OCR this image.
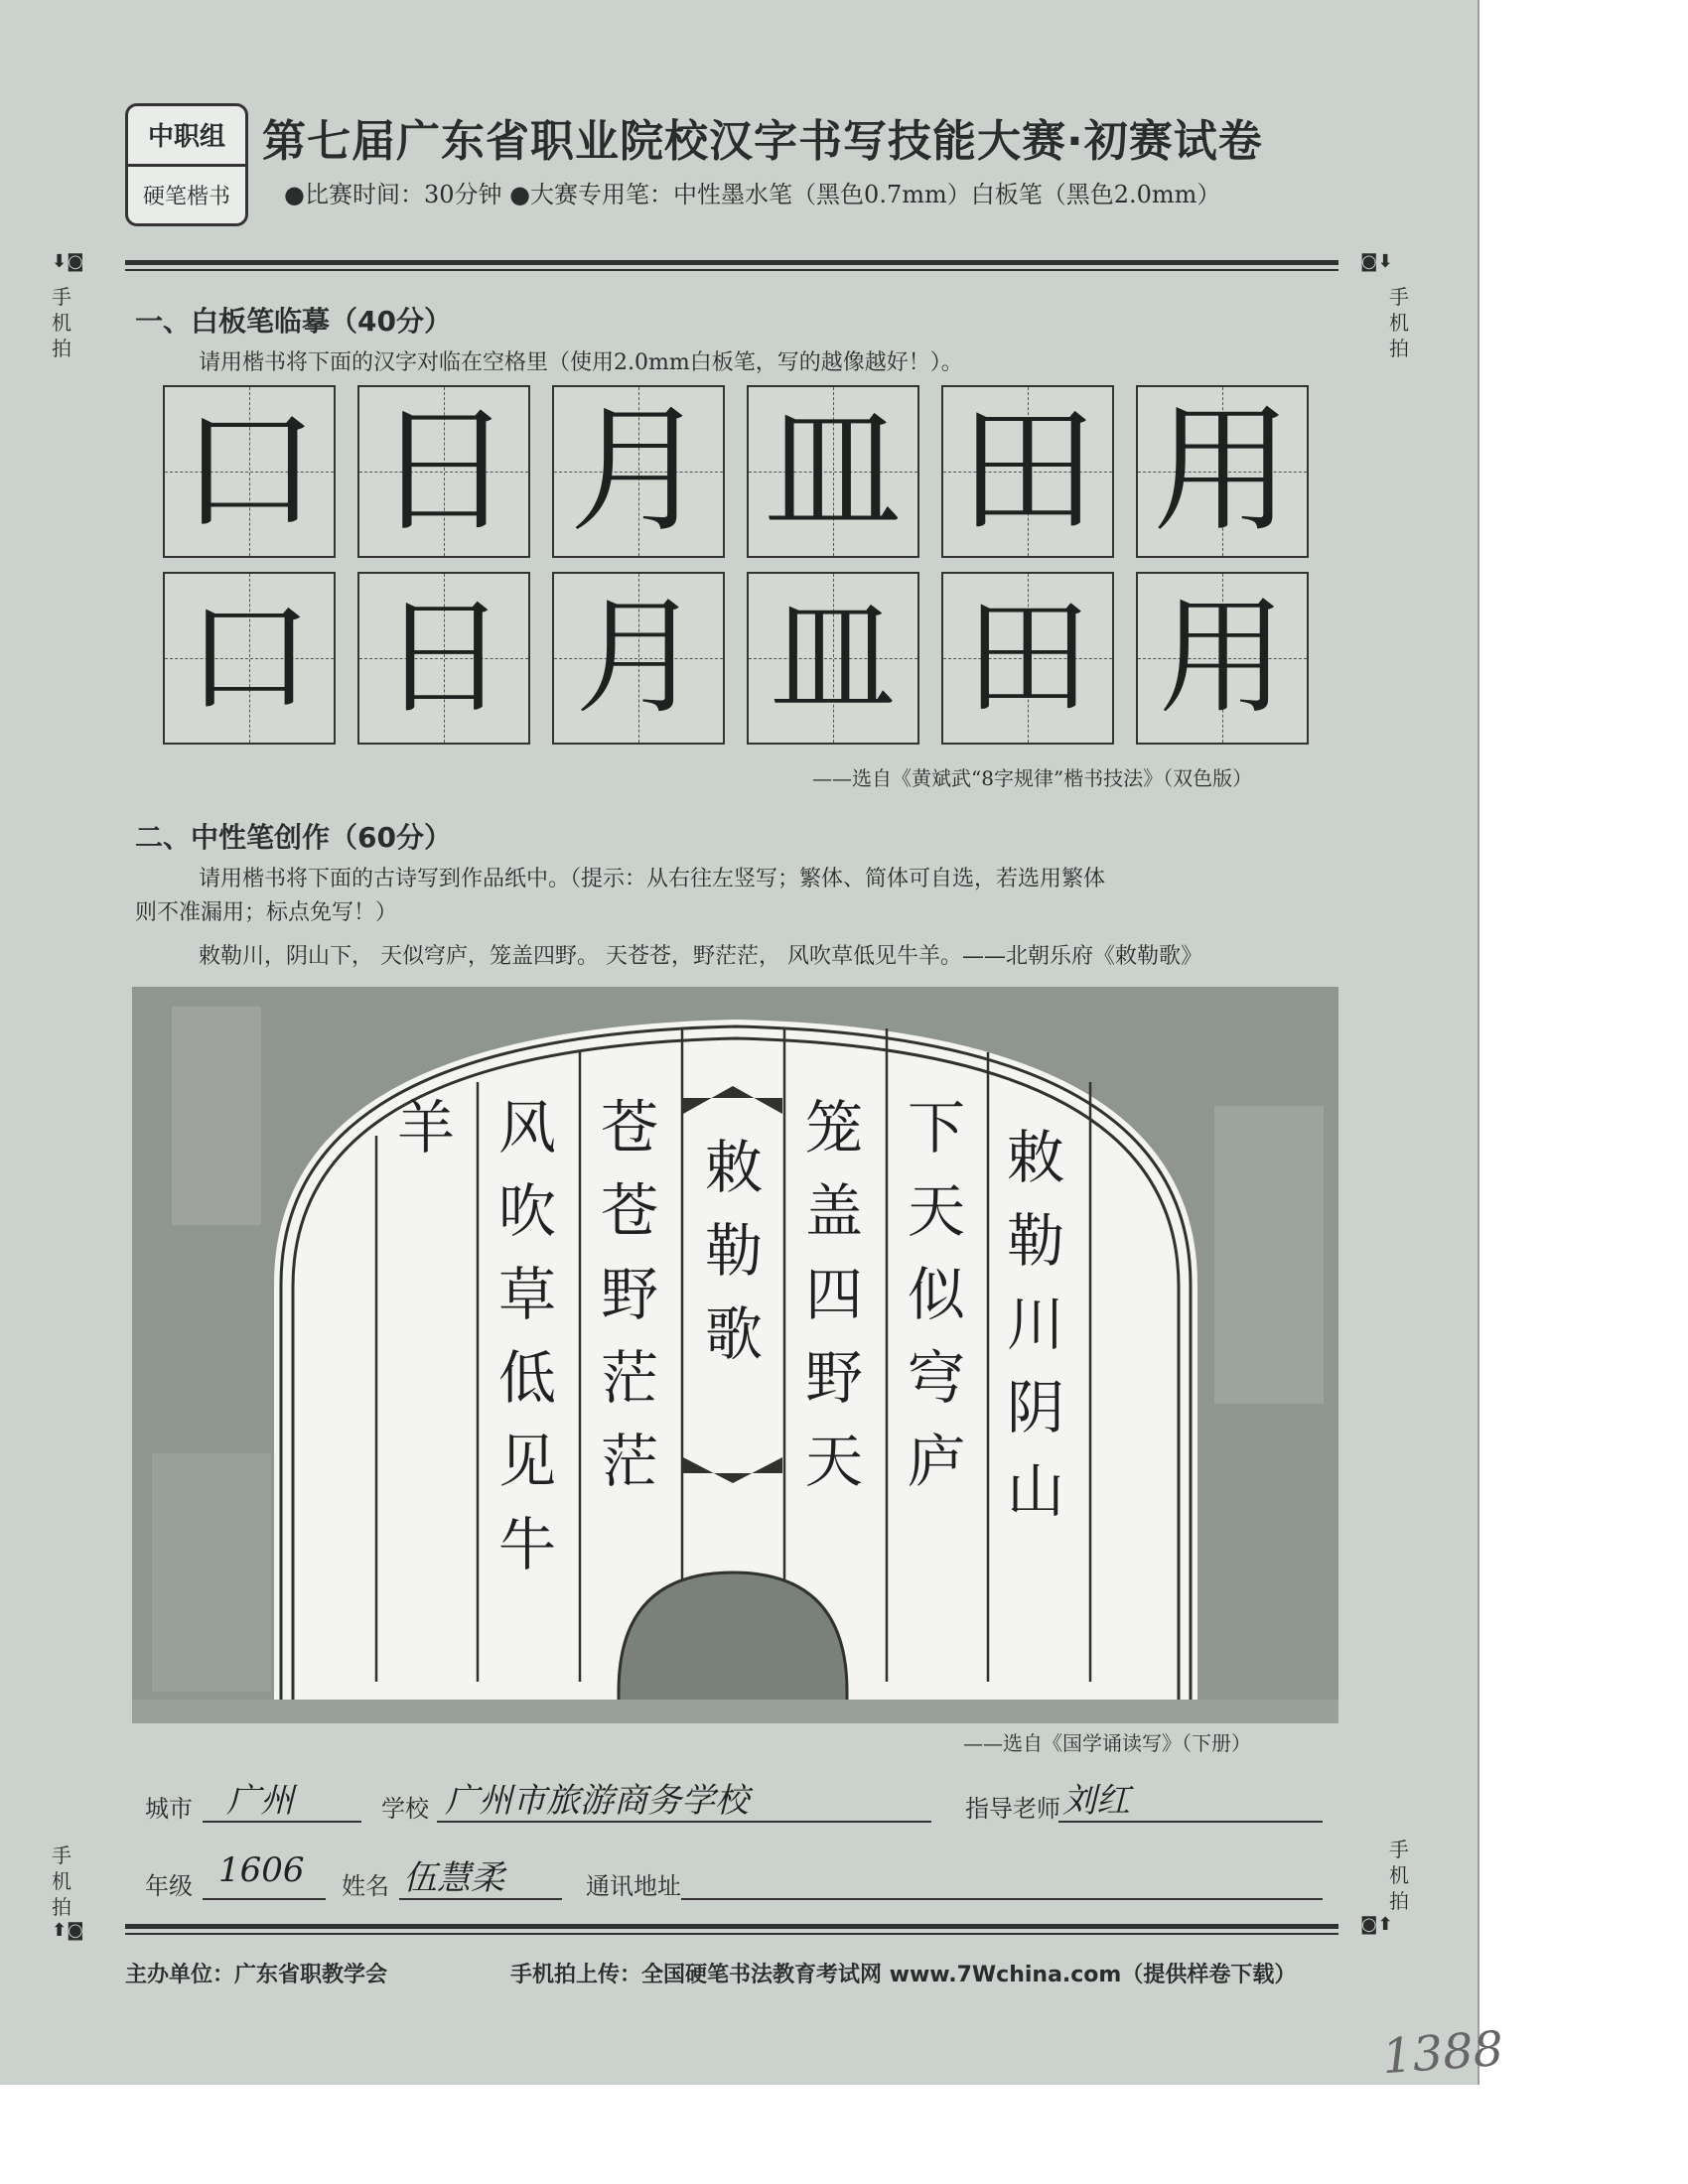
中职组
硬笔楷书
第七届广东省职业院校汉字书写技能大赛·初赛试卷
●比赛时间：30分钟 ●大赛专用笔：中性墨水笔（黑色0.7mm）白板笔（黑色2.0mm）
⬇◙	◙⬇
手机拍
手机拍
一、白板笔临摹（40分）
请用楷书将下面的汉字对临在空格里（使用2.0mm白板笔，写的越像越好！）。
口 日 月 皿 田 用
口 日 月 皿 田 用
——选自《黄斌武“8字规律”楷书技法》（双色版）
二、中性笔创作（60分）
请用楷书将下面的古诗写到作品纸中。（提示：从右往左竖写；繁体、简体可自选，若选用繁体
则不准漏用；标点免写！）
敕勒川，阴山下， 天似穹庐，笼盖四野。 天苍苍，野茫茫， 风吹草低见牛羊。——北朝乐府《敕勒歌》
敕
勒
川
阴
山
下
天
似
穹
庐
笼
盖
四
野
天
敕
勒
歌
苍
苍
野
茫
茫
风
吹
草
低
见
牛
羊
——选自《国学诵读写》（下册）
城市 广州	学校 广州市旅游商务学校	指导老师 刘红
年级 1606 姓名 伍慧柔	通讯地址
手机拍
手机拍
⬆◙	◙⬆
主办单位：广东省职教学会	手机拍上传：全国硬笔书法教育考试网 www.7Wchina.com（提供样卷下载）
1388
